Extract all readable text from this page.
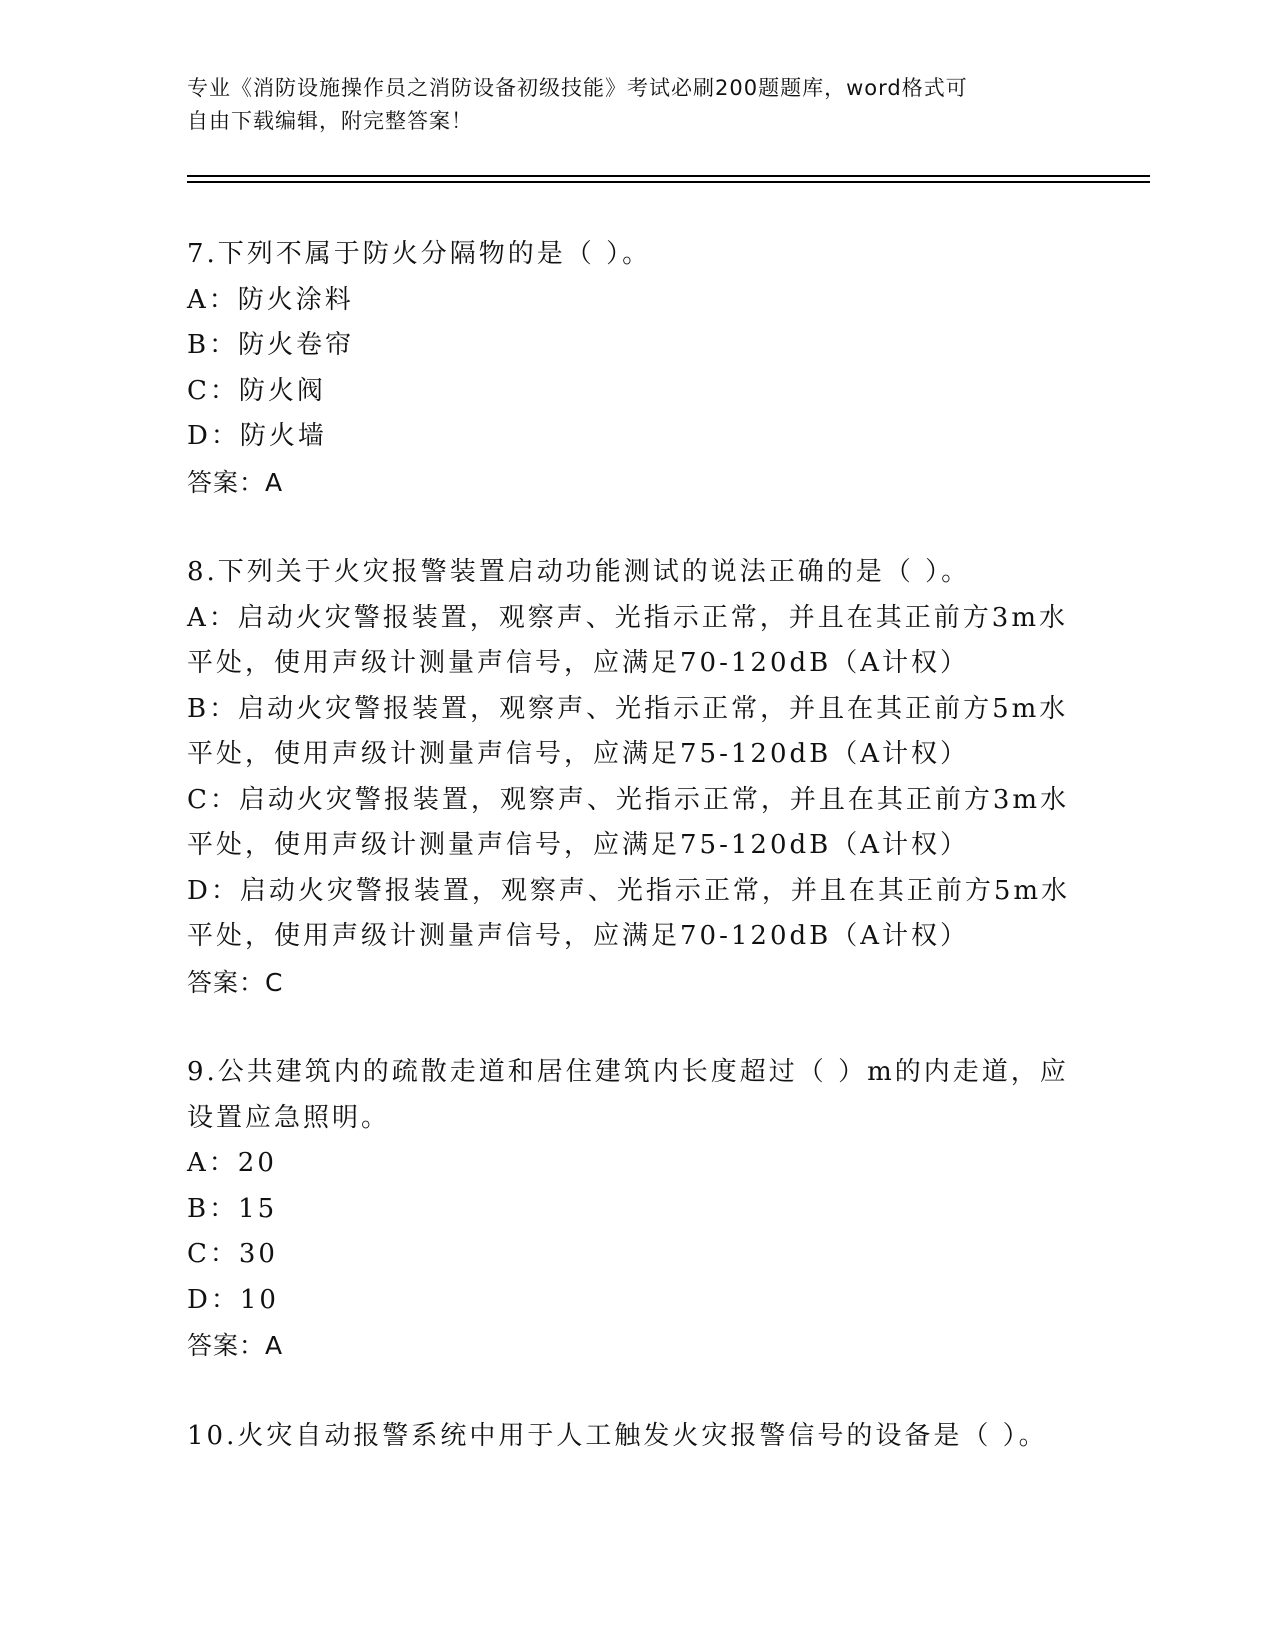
专业《消防设施操作员之消防设备初级技能》考试必刷200题题库，word格式可
自由下载编辑，附完整答案！
7.下列不属于防火分隔物的是（ ）。
A：防火涂料
B：防火卷帘
C：防火阀
D：防火墙
答案：A
8.下列关于火灾报警装置启动功能测试的说法正确的是（ ）。
A：启动火灾警报装置，观察声、光指示正常，并且在其正前方3m水
平处，使用声级计测量声信号，应满足70-120dB（A计权）
B：启动火灾警报装置，观察声、光指示正常，并且在其正前方5m水
平处，使用声级计测量声信号，应满足75-120dB（A计权）
C：启动火灾警报装置，观察声、光指示正常，并且在其正前方3m水
平处，使用声级计测量声信号，应满足75-120dB（A计权）
D：启动火灾警报装置，观察声、光指示正常，并且在其正前方5m水
平处，使用声级计测量声信号，应满足70-120dB（A计权）
答案：C
9.公共建筑内的疏散走道和居住建筑内长度超过（ ）m的内走道，应
设置应急照明。
A：20
B：15
C：30
D：10
答案：A
10.火灾自动报警系统中用于人工触发火灾报警信号的设备是（ ）。
